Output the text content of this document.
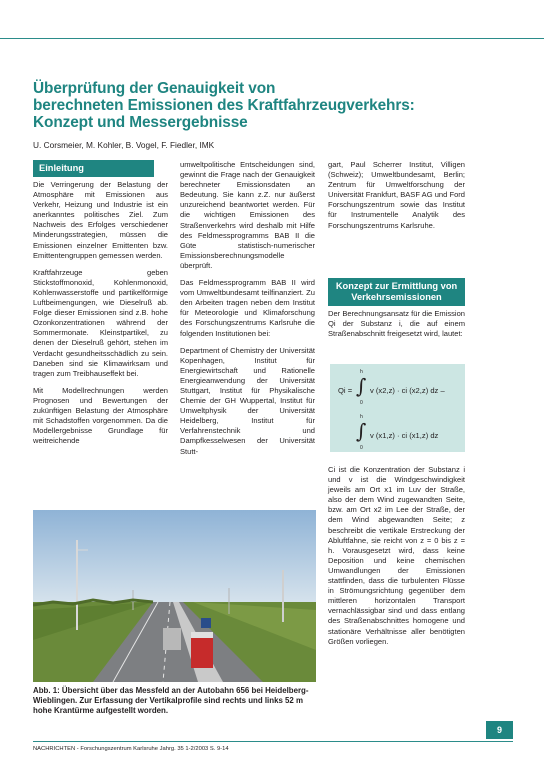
Überprüfung der Genauigkeit von
berechneten Emissionen des Kraftfahrzeugverkehrs:
Konzept und Messergebnisse
U. Corsmeier, M. Kohler, B. Vogel, F. Fiedler, IMK
Einleitung

Die Verringerung der Belastung der Atmosphäre mit Emissionen aus Verkehr, Heizung und Industrie ist ein anerkanntes politisches Ziel. Zum Nachweis des Erfolges verschiedener Minderungsstrategien, müssen die Emissionen einzelner Emittenten bzw. Emittentengruppen gemessen werden.

Kraftfahrzeuge geben Stickstoffmonoxid, Kohlenmonoxid, Kohlenwasserstoffe und partikelförmige Luftbeimengungen, wie Dieselruß ab. Folge dieser Emissionen sind z.B. hohe Ozonkonzentrationen während der Sommermonate. Kleinstpartikel, zu denen der Dieselruß gehört, stehen im Verdacht gesundheitsschädlich zu sein. Daneben sind sie Klimawirksam und tragen zum Treibhauseffekt bei.

Mit Modellrechnungen werden Prognosen und Bewertungen der zukünftigen Belastung der Atmosphäre mit Schadstoffen vorgenommen. Da die Modellergebnisse Grundlage für weitreichende

umweltpolitische Entscheidungen sind, gewinnt die Frage nach der Genauigkeit berechneter Emissionsdaten an Bedeutung. Sie kann z.Z. nur äußerst unzureichend beantwortet werden. Für die wichtigen Emissionen des Straßenverkehrs wird deshalb mit Hilfe des Feldmessprogramms BAB II die Güte statistisch-numerischer Emissionsberechnungsmodelle überprüft.

Das Feldmessprogramm BAB II wird vom Umweltbundesamt teilfinanziert. Zu den Arbeiten tragen neben dem Institut für Meteorologie und Klimaforschung des Forschungszentrums Karlsruhe die folgenden Institutionen bei:

Department of Chemistry der Universität Kopenhagen, Institut für Energiewirtschaft und Rationelle Energieanwendung der Universität Stuttgart, Institut für Physikalische Chemie der GH Wuppertal, Institut für Umweltphysik der Universität Heidelberg, Institut für Verfahrenstechnik und Dampfkesselwesen der Universität Stutt-

gart, Paul Scherrer Institut, Villigen (Schweiz); Umweltbundesamt, Berlin; Zentrum für Umweltforschung der Universität Frankfurt, BASF AG und Ford Forschungszentrum sowie das Institut für Instrumentelle Analytik des Forschungszentrums Karlsruhe.

Konzept zur Ermittlung von Verkehrsemissionen

Der Berechnungsansatz für die Emission Qi der Substanz i, die auf einem Straßenabschnitt freigesetzt wird, lautet:

Qi =
h
∫
0
v (x2,z) · ci (x2,z) dz –
h
∫
0
v (x1,z) · ci (x1,z) dz

Ci ist die Konzentration der Substanz i und v ist die Windgeschwindigkeit jeweils am Ort x1 im Luv der Straße, also der dem Wind zugewandten Seite, bzw. am Ort x2 im Lee der Straße, der dem Wind abgewandten Seite; z beschreibt die vertikale Erstreckung der Abluftfahne, sie reicht von z = 0 bis z = h. Vorausgesetzt wird, dass keine Deposition und keine chemischen Umwandlungen der Emissionen stattfinden, dass die turbulenten Flüsse in Strömungsrichtung gegenüber dem mittleren horizontalen Transport vernachlässigbar sind und dass entlang des Straßenabschnittes homogene und stationäre Verhältnisse aller benötigten Größen vorliegen.

Abb. 1: Übersicht über das Messfeld an der Autobahn 656 bei Heidelberg-Wieblingen. Zur Erfassung der Vertikalprofile sind rechts und links 52 m hohe Krantürme aufgestellt worden.
NACHRICHTEN - Forschungszentrum Karlsruhe Jahrg. 35 1-2/2003 S. 9-14
9
